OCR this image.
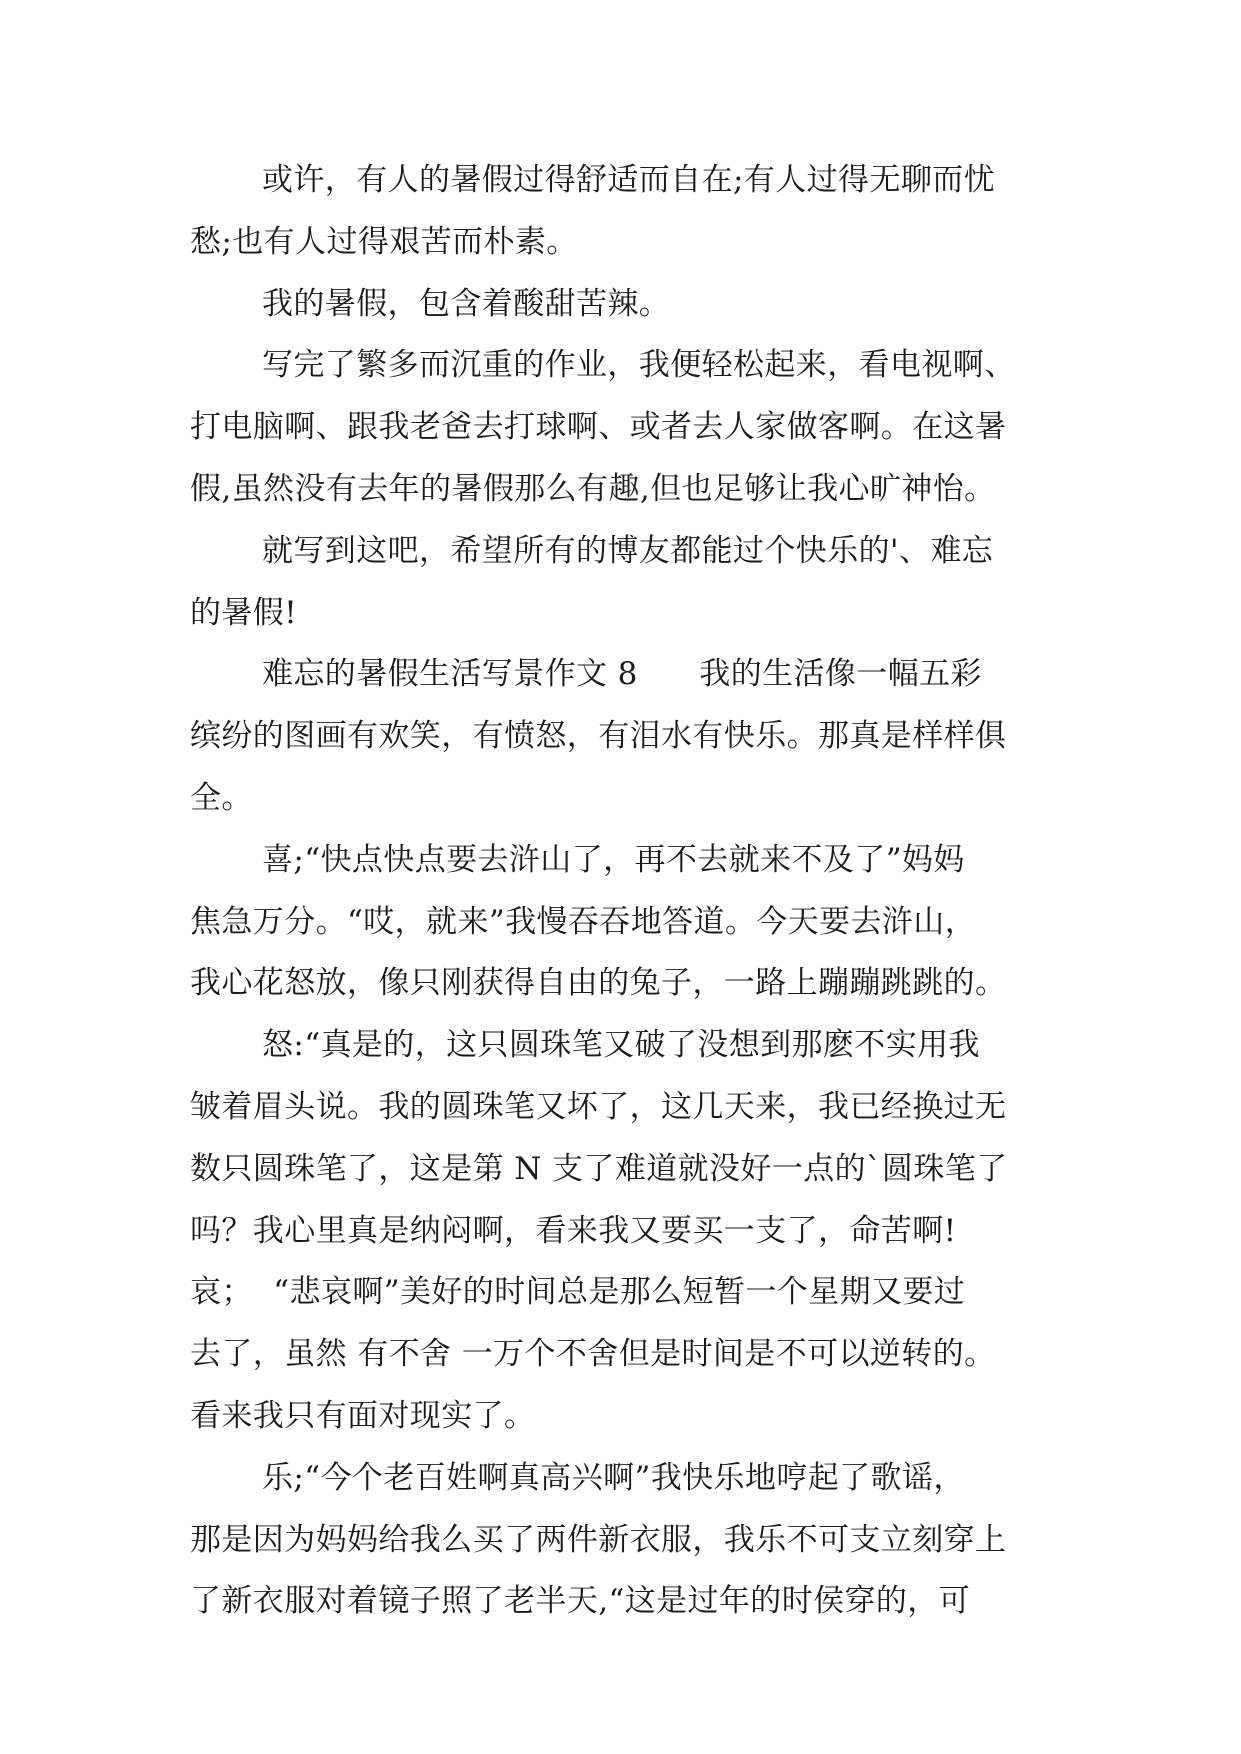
或许，有人的暑假过得舒适而自在;有人过得无聊而忧
愁;也有人过得艰苦而朴素。
我的暑假，包含着酸甜苦辣。
写完了繁多而沉重的作业，我便轻松起来，看电视啊、
打电脑啊、跟我老爸去打球啊、或者去人家做客啊。在这暑
假,虽然没有去年的暑假那么有趣,但也足够让我心旷神怡。
就写到这吧，希望所有的博友都能过个快乐的'、难忘
的暑假!
难忘的暑假生活写景作文 8      我的生活像一幅五彩
缤纷的图画有欢笑，有愤怒，有泪水有快乐。那真是样样俱
全。
喜;“快点快点要去浒山了，再不去就来不及了”妈妈
焦急万分。“哎，就来”我慢吞吞地答道。今天要去浒山，
我心花怒放，像只刚获得自由的兔子，一路上蹦蹦跳跳的。
怒:“真是的，这只圆珠笔又破了没想到那麽不实用我
皱着眉头说。我的圆珠笔又坏了，这几天来，我已经换过无
数只圆珠笔了，这是第 N 支了难道就没好一点的`圆珠笔了
吗？我心里真是纳闷啊，看来我又要买一支了，命苦啊!
哀；  “悲哀啊”美好的时间总是那么短暂一个星期又要过
去了，虽然 有不舍 一万个不舍但是时间是不可以逆转的。
看来我只有面对现实了。
乐;“今个老百姓啊真高兴啊”我快乐地哼起了歌谣，
那是因为妈妈给我么买了两件新衣服，我乐不可支立刻穿上
了新衣服对着镜子照了老半天,“这是过年的时侯穿的，可
